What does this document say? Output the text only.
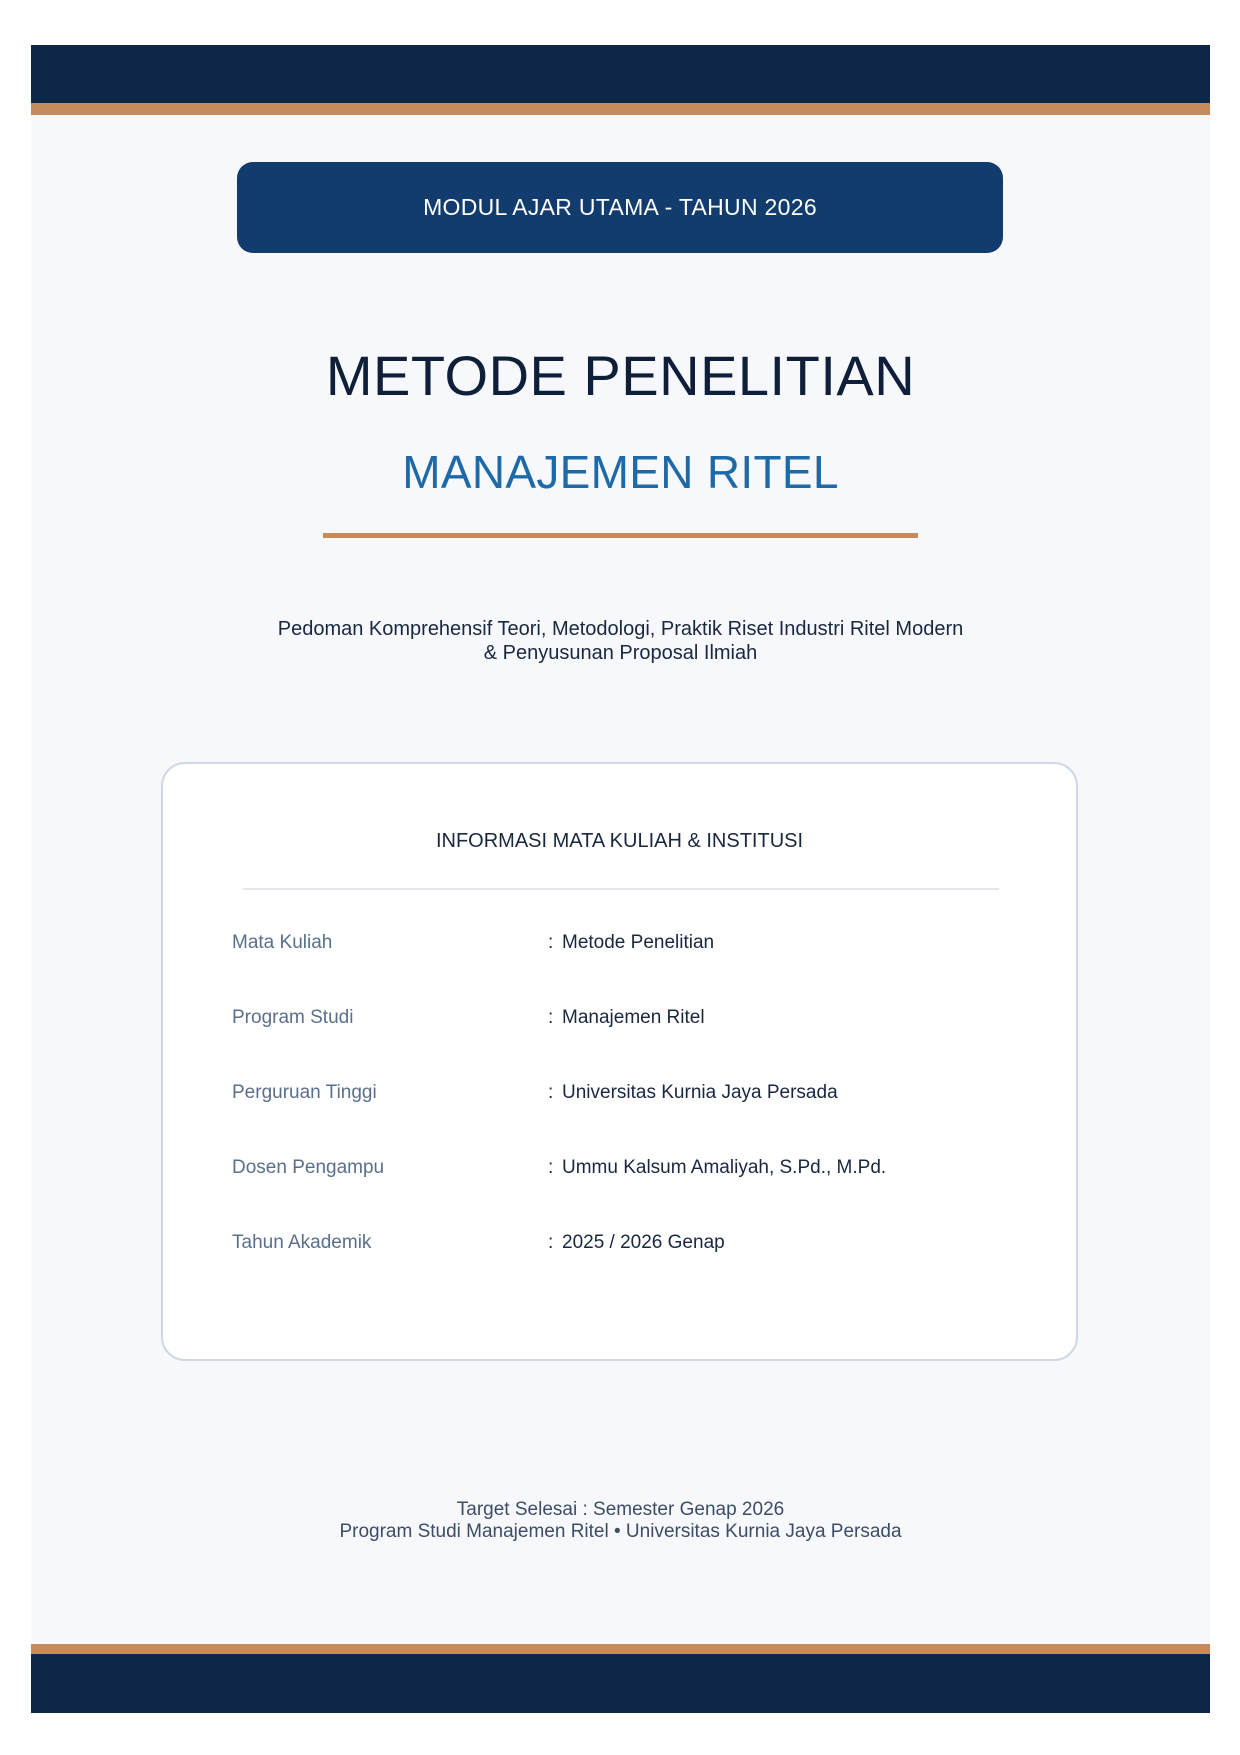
MODUL AJAR UTAMA - TAHUN 2026
METODE PENELITIAN
MANAJEMEN RITEL
Pedoman Komprehensif Teori, Metodologi, Praktik Riset Industri Ritel Modern
& Penyusunan Proposal Ilmiah
INFORMASI MATA KULIAH & INSTITUSI
Mata Kuliah	: Metode Penelitian
Program Studi	: Manajemen Ritel
Perguruan Tinggi	: Universitas Kurnia Jaya Persada
Dosen Pengampu	: Ummu Kalsum Amaliyah, S.Pd., M.Pd.
Tahun Akademik	: 2025 / 2026 Genap
Target Selesai : Semester Genap 2026
Program Studi Manajemen Ritel • Universitas Kurnia Jaya Persada
